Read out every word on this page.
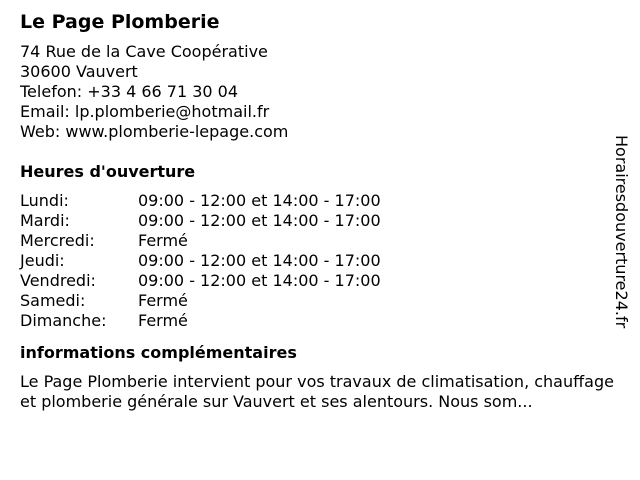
Le Page Plomberie
74 Rue de la Cave Coopérative
30600 Vauvert
Telefon: +33 4 66 71 30 04
Email: lp.plomberie@hotmail.fr
Web: www.plomberie-lepage.com
Heures d'ouverture
Lundi:	09:00 - 12:00 et 14:00 - 17:00
Mardi:	09:00 - 12:00 et 14:00 - 17:00
Mercredi:	Fermé
Jeudi:	09:00 - 12:00 et 14:00 - 17:00
Vendredi:	09:00 - 12:00 et 14:00 - 17:00
Samedi:	Fermé
Dimanche: Fermé
informations complémentaires
Le Page Plomberie intervient pour vos travaux de climatisation, chauffage et plomberie générale sur Vauvert et ses alentours. Nous som...
Horairesdouverture24.fr
